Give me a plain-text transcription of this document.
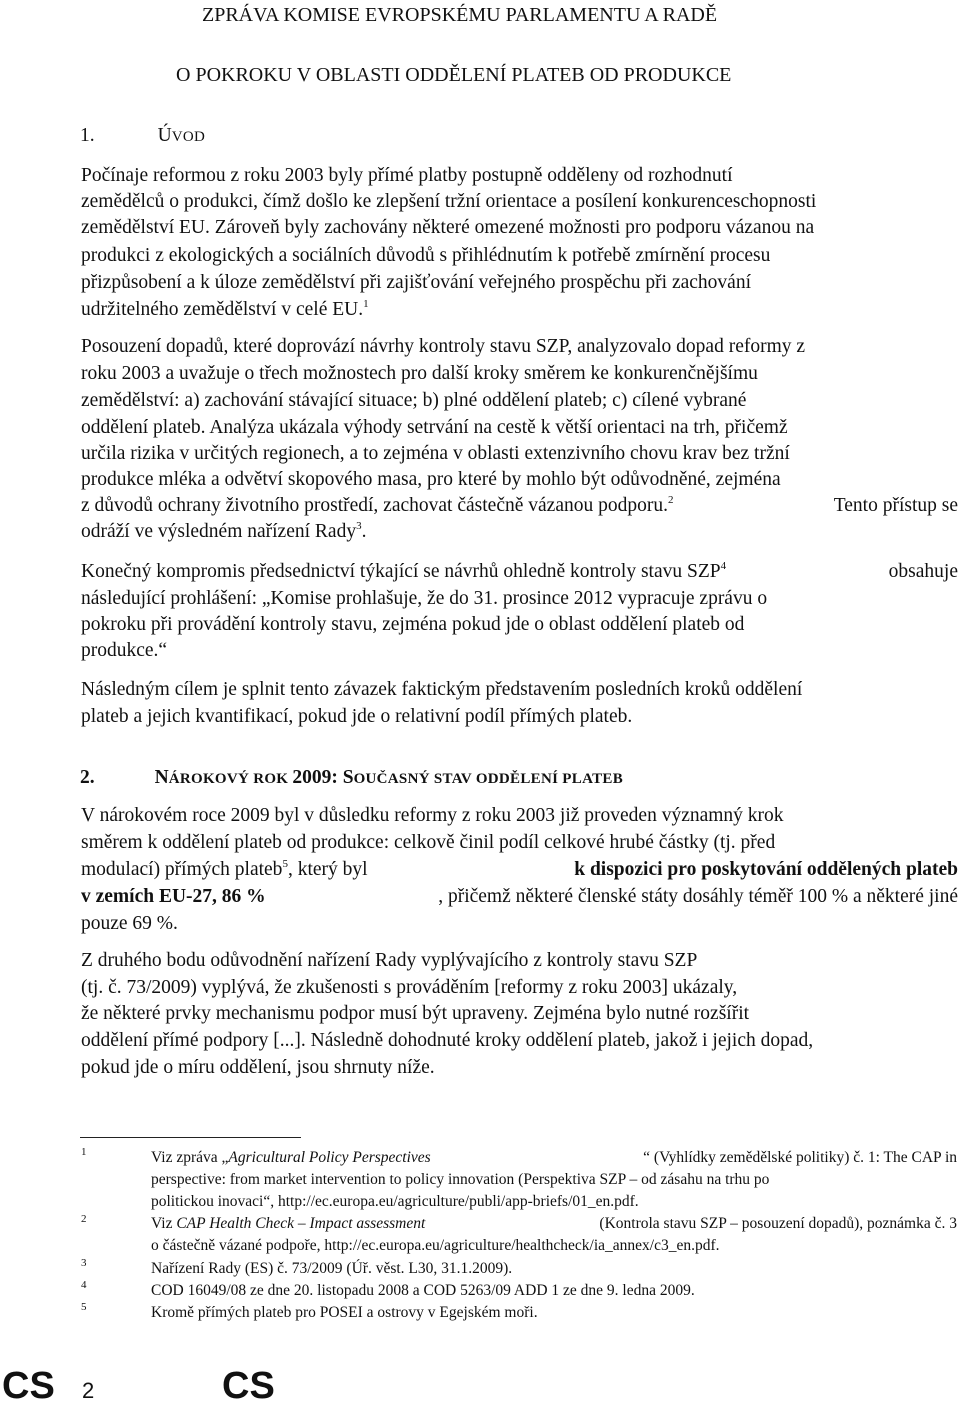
ZPRÁVA KOMISE EVROPSKÉMU PARLAMENTU A RADĚ
O POKROKU V OBLASTI ODDĚLENÍ PLATEB OD PRODUKCE
1.	ÚVOD
Počínaje reformou z roku 2003 byly přímé platby postupně odděleny od rozhodnutí
zemědělců o produkci, čímž došlo ke zlepšení tržní orientace a posílení konkurenceschopnosti
zemědělství EU. Zároveň byly zachovány některé omezené možnosti pro podporu vázanou na
produkci z ekologických a sociálních důvodů s přihlédnutím k potřebě zmírnění procesu
přizpůsobení a k úloze zemědělství při zajišťování veřejného prospěchu při zachování
udržitelného zemědělství v celé EU.$^1$
Posouzení dopadů, které doprovází návrhy kontroly stavu SZP, analyzovalo dopad reformy z
roku 2003 a uvažuje o třech možnostech pro další kroky směrem ke konkurenčnějšímu
zemědělství: a) zachování stávající situace; b) plné oddělení plateb; c) cílené vybrané
oddělení plateb. Analýza ukázala výhody setrvání na cestě k větší orientaci na trh, přičemž
určila rizika v určitých regionech, a to zejména v oblasti extenzivního chovu krav bez tržní
produkce mléka a odvětví skopového masa, pro které by mohlo být odůvodněné, zejména
z důvodů ochrany životního prostředí, zachovat částečně vázanou podporu.$^2$	Tento přístup se
odráží ve výsledném nařízení Rady$^3$.
Konečný kompromis předsednictví týkající se návrhů ohledně kontroly stavu SZP$^4$	obsahuje
následující prohlášení: „Komise prohlašuje, že do 31. prosince 2012 vypracuje zprávu o
pokroku při provádění kontroly stavu, zejména pokud jde o oblast oddělení plateb od
produkce.“
Následným cílem je splnit tento závazek faktickým představením posledních kroků oddělení
plateb a jejich kvantifikací, pokud jde o relativní podíl přímých plateb.
2.	NÁROKOVÝ ROK 2009: SOUČASNÝ STAV ODDĚLENÍ PLATEB
V nárokovém roce 2009 byl v důsledku reformy z roku 2003 již proveden významný krok
směrem k oddělení plateb od produkce: celkově činil podíl celkové hrubé částky (tj. před
modulací) přímých plateb$^5$, který byl	k dispozici pro poskytování oddělených plateb
v zemích EU-27, 86 %	, přičemž některé členské státy dosáhly téměř 100 % a některé jiné
pouze 69 %.
Z druhého bodu odůvodnění nařízení Rady vyplývajícího z kontroly stavu SZP
(tj. č. 73/2009) vyplývá, že zkušenosti s prováděním [reformy z roku 2003] ukázaly,
že některé prvky mechanismu podpor musí být upraveny. Zejména bylo nutné rozšířit
oddělení přímé podpory [...]. Následně dohodnuté kroky oddělení plateb, jakož i jejich dopad,
pokud jde o míru oddělení, jsou shrnuty níže.
1	Viz zpráva „Agricultural Policy Perspectives	“ (Vyhlídky zemědělské politiky) č. 1: The CAP in
perspective: from market intervention to policy innovation (Perspektiva SZP – od zásahu na trhu po
politickou inovaci“, http://ec.europa.eu/agriculture/publi/app-briefs/01_en.pdf.
2	Viz CAP Health Check – Impact assessment	(Kontrola stavu SZP – posouzení dopadů), poznámka č. 3
o částečně vázané podpoře, http://ec.europa.eu/agriculture/healthcheck/ia_annex/c3_en.pdf.
3	Nařízení Rady (ES) č. 73/2009 (Úř. věst. L30, 31.1.2009).
4	COD 16049/08 ze dne 20. listopadu 2008 a COD 5263/09 ADD 1 ze dne 9. ledna 2009.
5	Kromě přímých plateb pro POSEI a ostrovy v Egejském moři.
CS 2	CS
